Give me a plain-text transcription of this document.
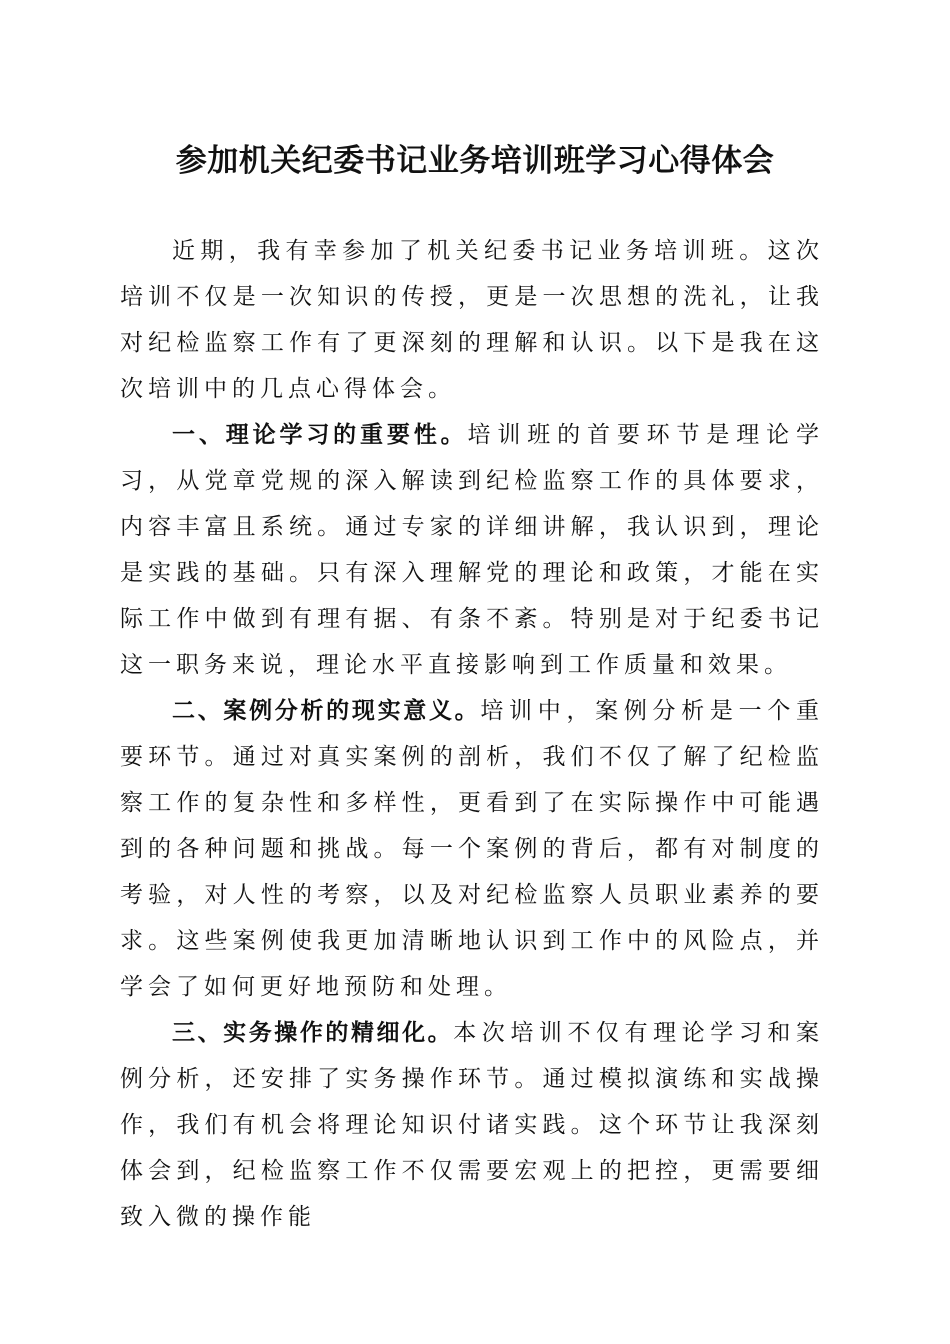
参加机关纪委书记业务培训班学习心得体会

近期，我有幸参加了机关纪委书记业务培训班。这次培训不仅是一次知识的传授，更是一次思想的洗礼，让我对纪检监察工作有了更深刻的理解和认识。以下是我在这次培训中的几点心得体会。

一、理论学习的重要性。培训班的首要环节是理论学习，从党章党规的深入解读到纪检监察工作的具体要求，内容丰富且系统。通过专家的详细讲解，我认识到，理论是实践的基础。只有深入理解党的理论和政策，才能在实际工作中做到有理有据、有条不紊。特别是对于纪委书记这一职务来说，理论水平直接影响到工作质量和效果。

二、案例分析的现实意义。培训中，案例分析是一个重要环节。通过对真实案例的剖析，我们不仅了解了纪检监察工作的复杂性和多样性，更看到了在实际操作中可能遇到的各种问题和挑战。每一个案例的背后，都有对制度的考验，对人性的考察，以及对纪检监察人员职业素养的要求。这些案例使我更加清晰地认识到工作中的风险点，并学会了如何更好地预防和处理。

三、实务操作的精细化。本次培训不仅有理论学习和案例分析，还安排了实务操作环节。通过模拟演练和实战操作，我们有机会将理论知识付诸实践。这个环节让我深刻体会到，纪检监察工作不仅需要宏观上的把控，更需要细致入微的操作能
